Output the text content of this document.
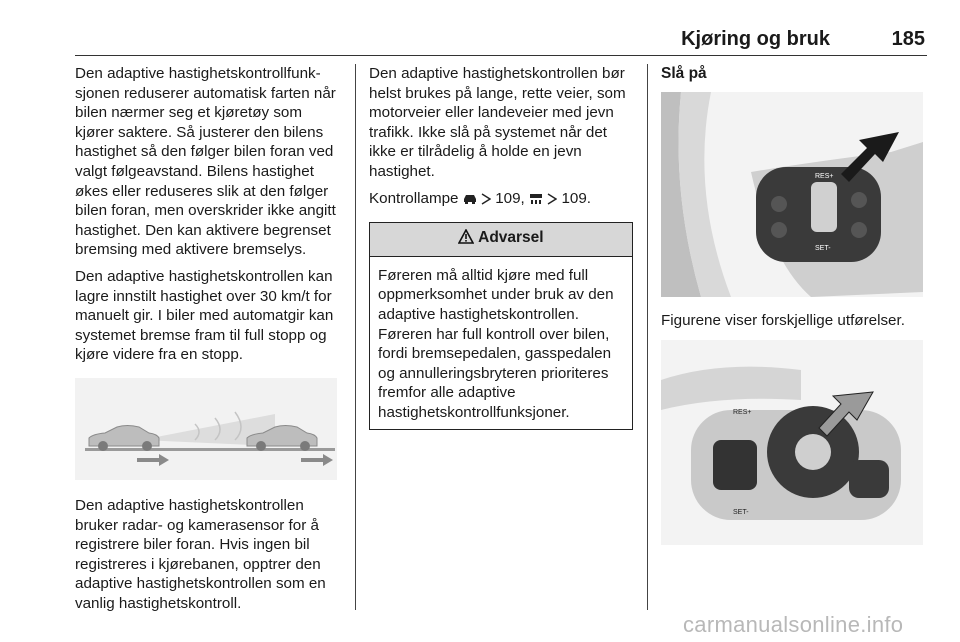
Kjøring og bruk	185

Den adaptive hastighetskontrollfunksjonen reduserer automatisk farten når bilen nærmer seg et kjøretøy som kjører saktere. Så justerer den bilens hastighet så den følger bilen foran ved valgt følgeavstand. Bilens hastighet økes eller reduseres slik at den følger bilen foran, men overskrider ikke angitt hastighet. Den kan aktivere begrenset bremsing med aktivere bremselys.

Den adaptive hastighetskontrollen kan lagre innstilt hastighet over 30 km/t for manuelt gir. I biler med automatgir kan systemet bremse fram til full stopp og kjøre videre fra en stopp.

Den adaptive hastighetskontrollen bruker radar- og kamerasensor for å registrere biler foran. Hvis ingen bil registreres i kjørebanen, opptrer den adaptive hastighetskontrollen som en vanlig hastighetskontroll.

Den adaptive hastighetskontrollen bør helst brukes på lange, rette veier, som motorveier eller landeveier med jevn trafikk. Ikke slå på systemet når det ikke er tilrådelig å holde en jevn hastighet.

Kontrollampe 109, 109.

Advarsel
Føreren må alltid kjøre med full oppmerksomhet under bruk av den adaptive hastighetskontrollen. Føreren har full kontroll over bilen, fordi bremsepedalen, gasspedalen og annulleringsbryteren prioriteres fremfor alle adaptive hastighetskontrollfunksjoner.
Slå på
RES+
SET-
Figurene viser forskjellige utførelser.
RES+
SET-
carmanualsonline.info
